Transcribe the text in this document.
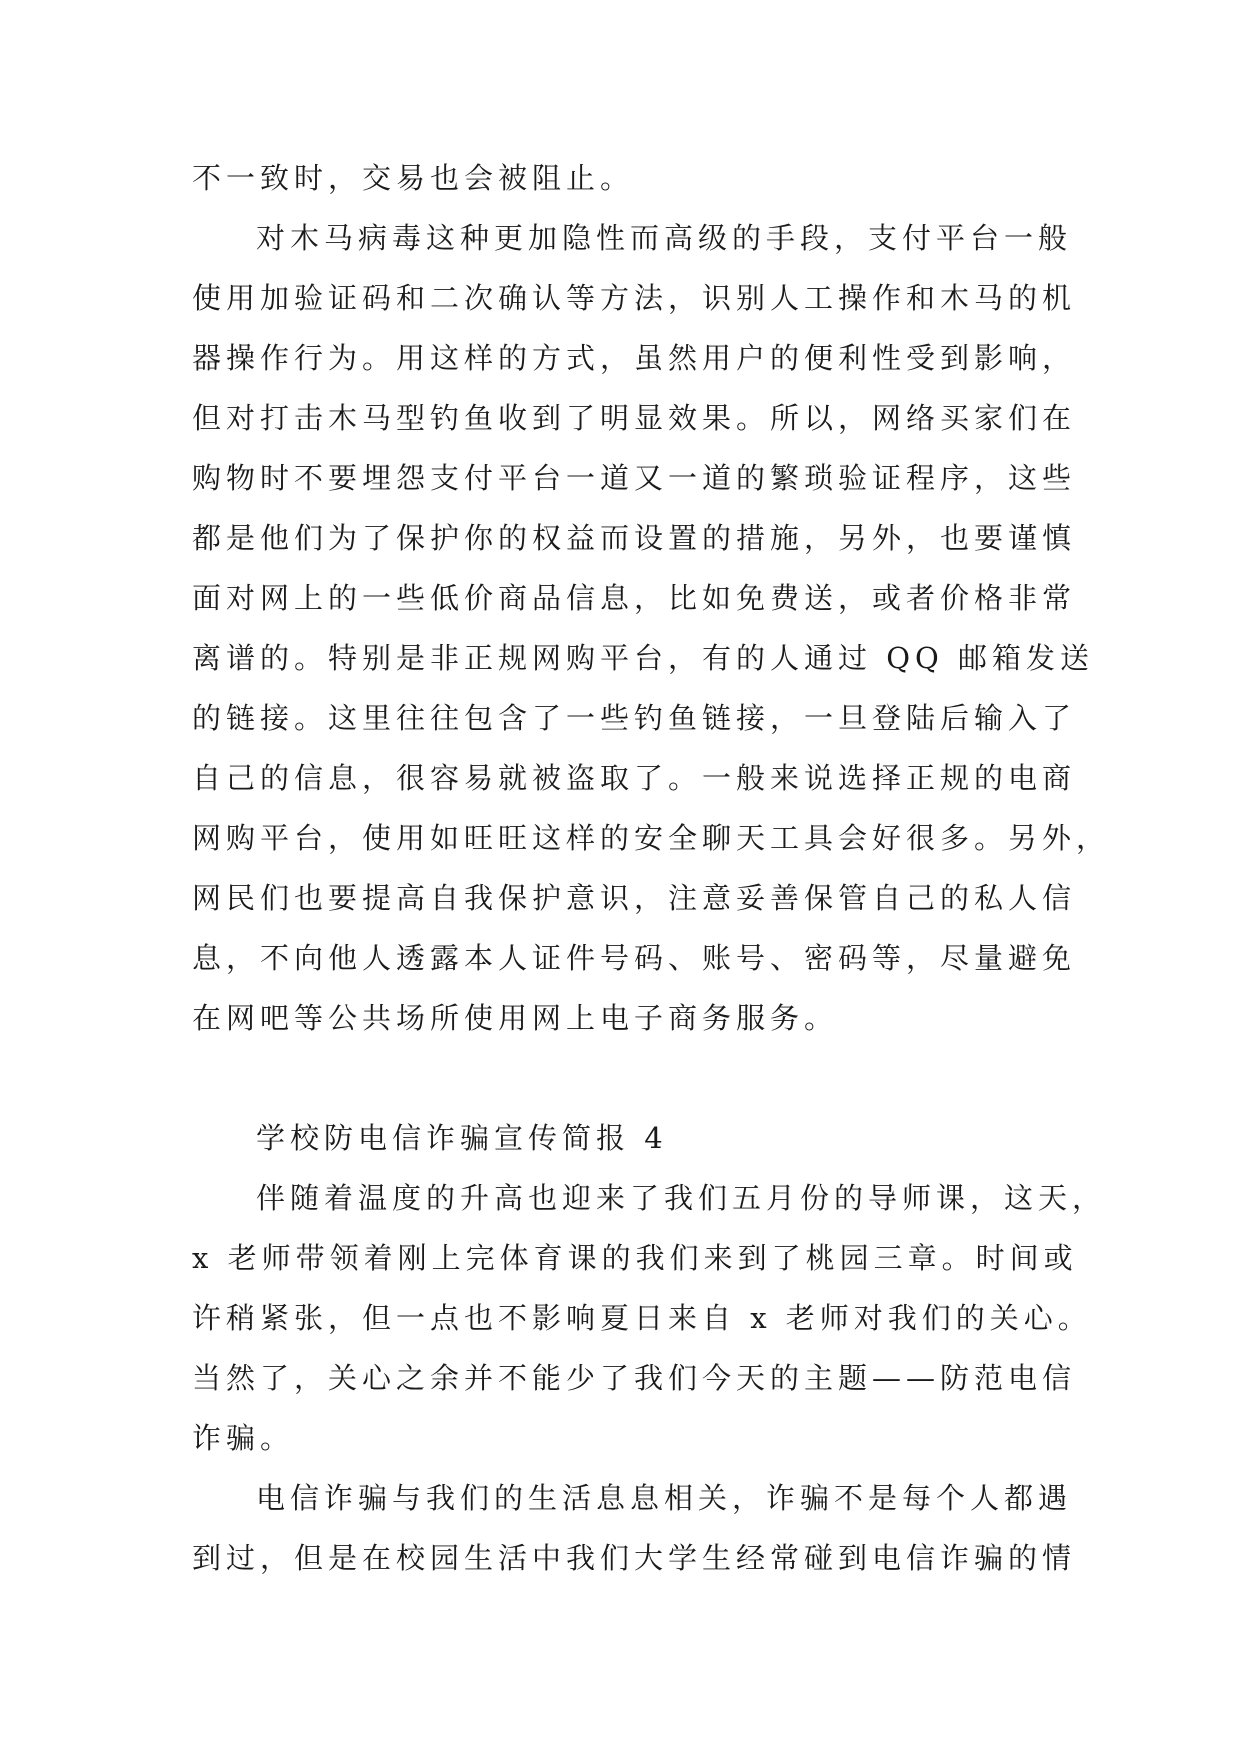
不一致时，交易也会被阻止。
对木马病毒这种更加隐性而高级的手段，支付平台一般
使用加验证码和二次确认等方法，识别人工操作和木马的机
器操作行为。用这样的方式，虽然用户的便利性受到影响，
但对打击木马型钓鱼收到了明显效果。所以，网络买家们在
购物时不要埋怨支付平台一道又一道的繁琐验证程序，这些
都是他们为了保护你的权益而设置的措施，另外，也要谨慎
面对网上的一些低价商品信息，比如免费送，或者价格非常
离谱的。特别是非正规网购平台，有的人通过 QQ 邮箱发送
的链接。这里往往包含了一些钓鱼链接，一旦登陆后输入了
自己的信息，很容易就被盗取了。一般来说选择正规的电商
网购平台，使用如旺旺这样的安全聊天工具会好很多。另外，
网民们也要提高自我保护意识，注意妥善保管自己的私人信
息，不向他人透露本人证件号码、账号、密码等，尽量避免
在网吧等公共场所使用网上电子商务服务。
学校防电信诈骗宣传简报 4
伴随着温度的升高也迎来了我们五月份的导师课，这天，
x 老师带领着刚上完体育课的我们来到了桃园三章。时间或
许稍紧张，但一点也不影响夏日来自 x 老师对我们的关心。
当然了，关心之余并不能少了我们今天的主题——防范电信
诈骗。
电信诈骗与我们的生活息息相关，诈骗不是每个人都遇
到过，但是在校园生活中我们大学生经常碰到电信诈骗的情
